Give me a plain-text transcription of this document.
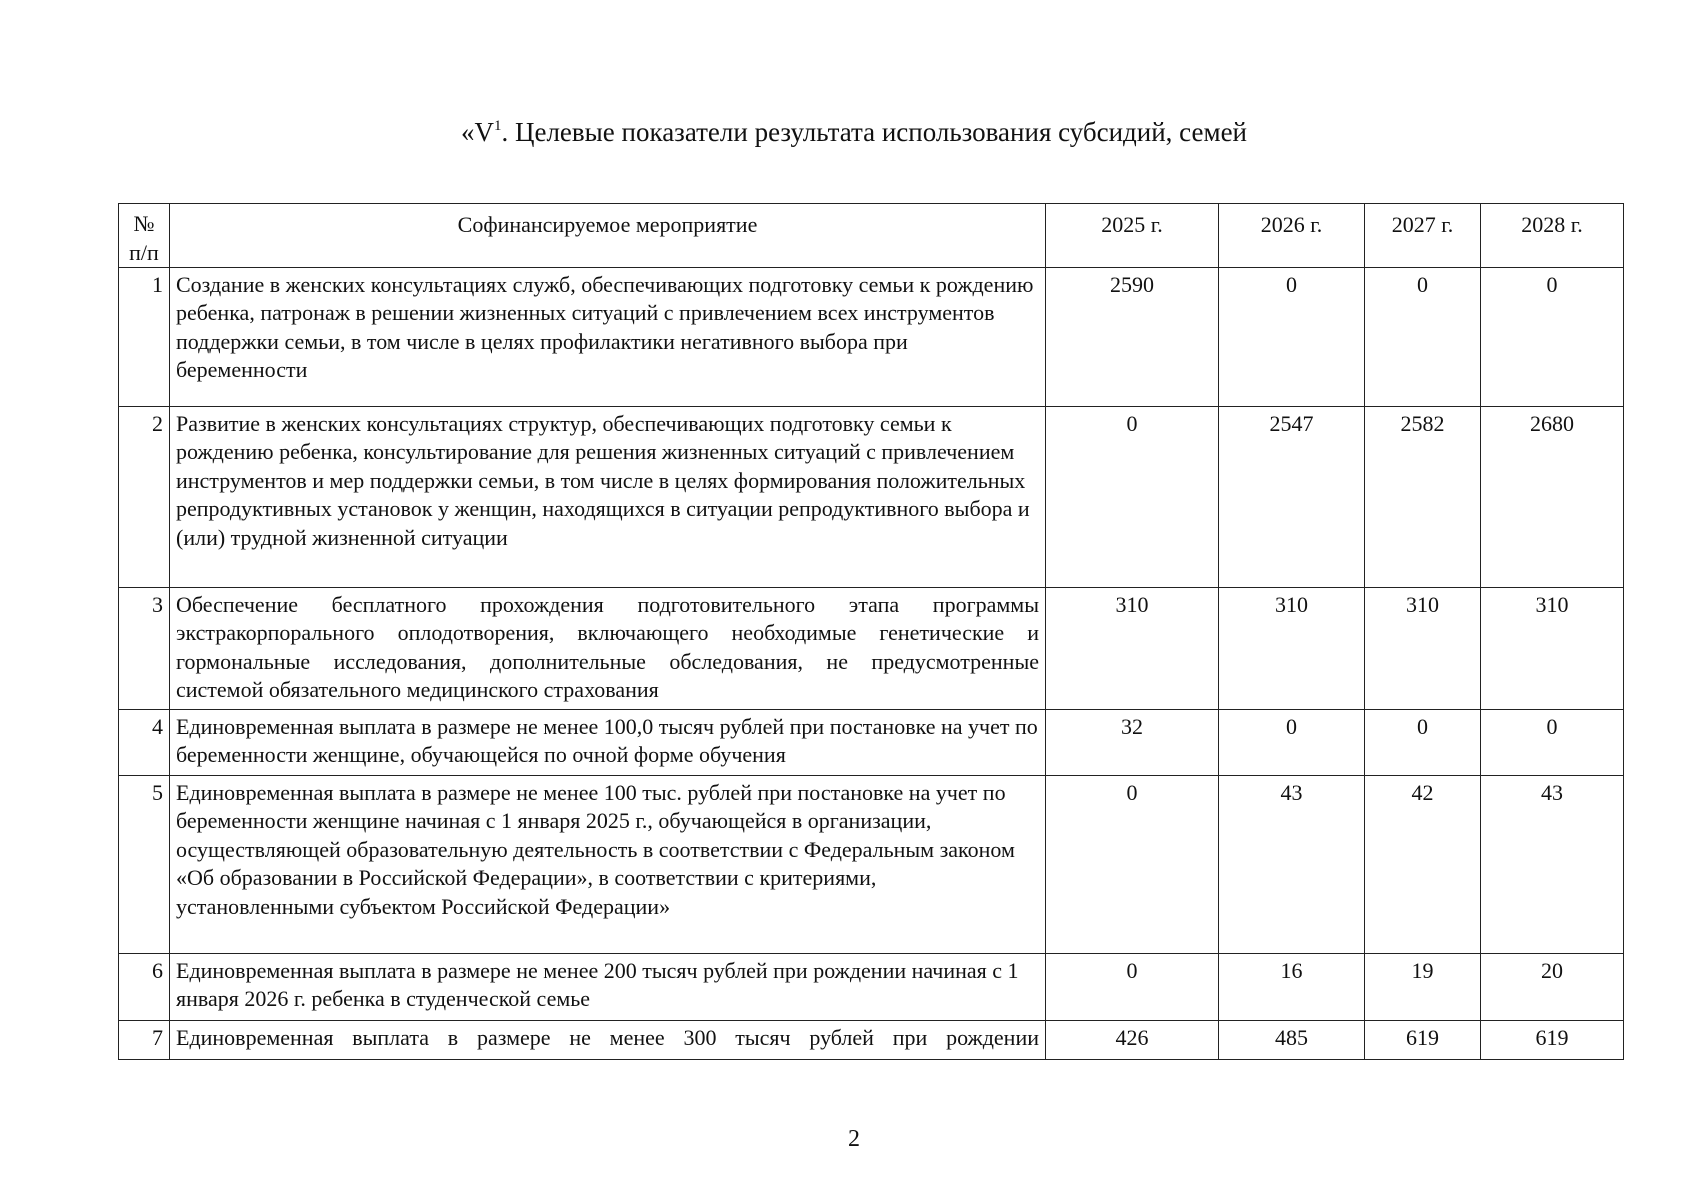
«$V^1$. Целевые показатели результата использования субсидий, семей
№ п/п	Софинансируемое мероприятие	2025 г.	2026 г.	2027 г.	2028 г.
1	Создание в женских консультациях служб, обеспечивающих подготовку семьи к рождению ребенка, патронаж в решении жизненных ситуаций с привлечением всех инструментов поддержки семьи, в том числе в целях профилактики негативного выбора при беременности	2590	0	0	0
2	Развитие в женских консультациях структур, обеспечивающих подготовку семьи к рождению ребенка, консультирование для решения жизненных ситуаций с привлечением инструментов и мер поддержки семьи, в том числе в целях формирования положительных репродуктивных установок у женщин, находящихся в ситуации репродуктивного выбора и (или) трудной жизненной ситуации	0	2547	2582	2680
3	Обеспечение бесплатного прохождения подготовительного этапа программы экстракорпорального оплодотворения, включающего необходимые генетические и гормональные исследования, дополнительные обследования, не предусмотренные системой обязательного медицинского страхования	310	310	310	310
4	Единовременная выплата в размере не менее 100,0 тысяч рублей при постановке на учет по беременности женщине, обучающейся по очной форме обучения	32	0	0	0
5	Единовременная выплата в размере не менее 100 тыс. рублей при постановке на учет по беременности женщине начиная с 1 января 2025 г., обучающейся в организации, осуществляющей образовательную деятельность в соответствии с Федеральным законом «Об образовании в Российской Федерации», в соответствии с критериями, установленными субъектом Российской Федерации»	0	43	42	43
6	Единовременная выплата в размере не менее 200 тысяч рублей при рождении начиная с 1 января 2026 г. ребенка в студенческой семье	0	16	19	20
7	Единовременная выплата в размере не менее 300 тысяч рублей при рождении	426	485	619	619
2
